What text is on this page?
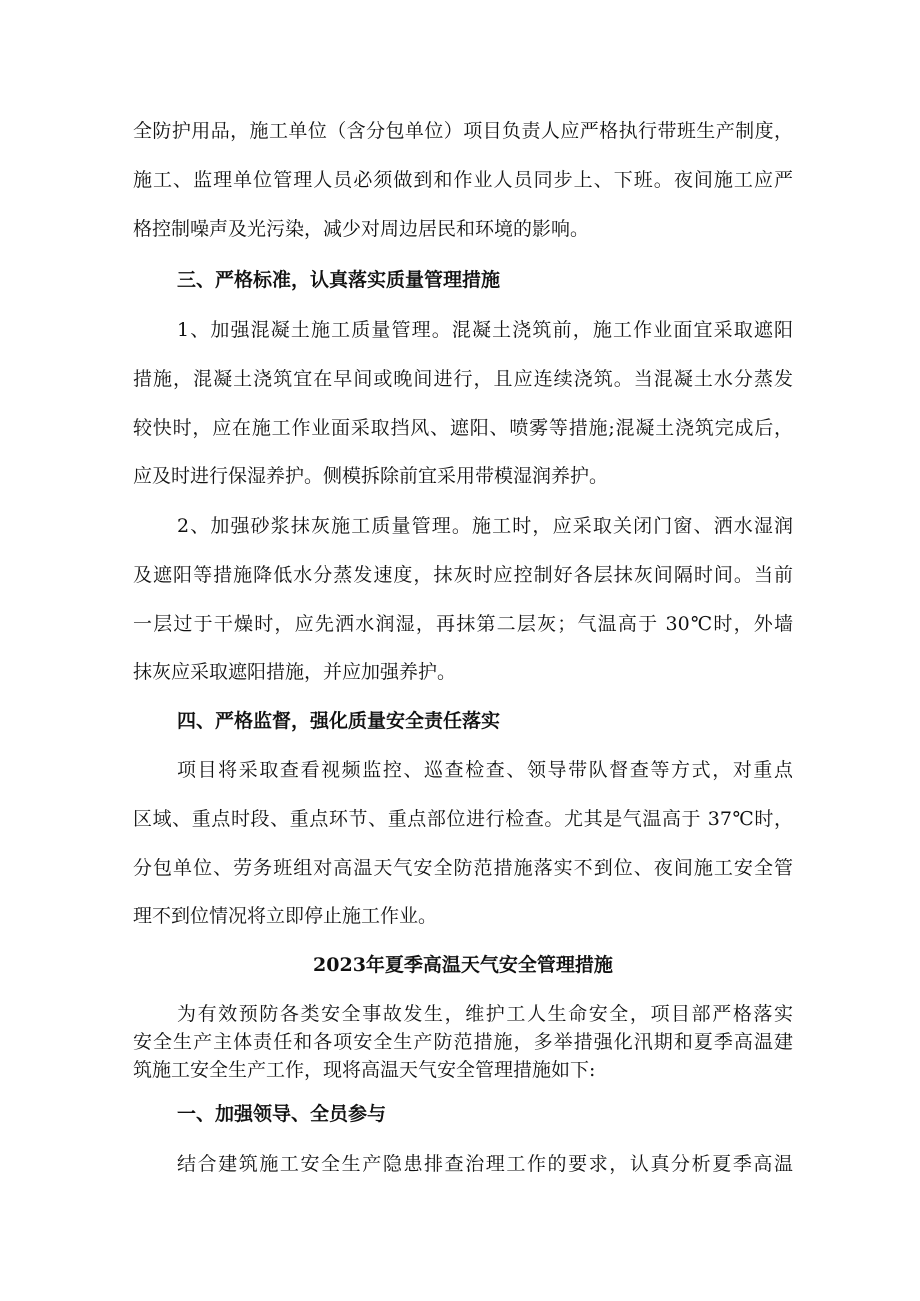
全防护用品，施工单位（含分包单位）项目负责人应严格执行带班生产制度，
施工、监理单位管理人员必须做到和作业人员同步上、下班。夜间施工应严
格控制噪声及光污染，减少对周边居民和环境的影响。
三、严格标准，认真落实质量管理措施
1、加强混凝土施工质量管理。混凝土浇筑前，施工作业面宜采取遮阳
措施，混凝土浇筑宜在早间或晚间进行，且应连续浇筑。当混凝土水分蒸发
较快时，应在施工作业面采取挡风、遮阳、喷雾等措施;混凝土浇筑完成后，
应及时进行保湿养护。侧模拆除前宜采用带模湿润养护。
2、加强砂浆抹灰施工质量管理。施工时，应采取关闭门窗、洒水湿润
及遮阳等措施降低水分蒸发速度，抹灰时应控制好各层抹灰间隔时间。当前
一层过于干燥时，应先洒水润湿，再抹第二层灰；气温高于 30℃时，外墙
抹灰应采取遮阳措施，并应加强养护。
四、严格监督，强化质量安全责任落实
项目将采取查看视频监控、巡查检查、领导带队督查等方式，对重点
区域、重点时段、重点环节、重点部位进行检查。尤其是气温高于 37℃时，
分包单位、劳务班组对高温天气安全防范措施落实不到位、夜间施工安全管
理不到位情况将立即停止施工作业。
2023年夏季高温天气安全管理措施
为有效预防各类安全事故发生，维护工人生命安全，项目部严格落实
安全生产主体责任和各项安全生产防范措施，多举措强化汛期和夏季高温建
筑施工安全生产工作，现将高温天气安全管理措施如下:
一、加强领导、全员参与
结合建筑施工安全生产隐患排查治理工作的要求，认真分析夏季高温
